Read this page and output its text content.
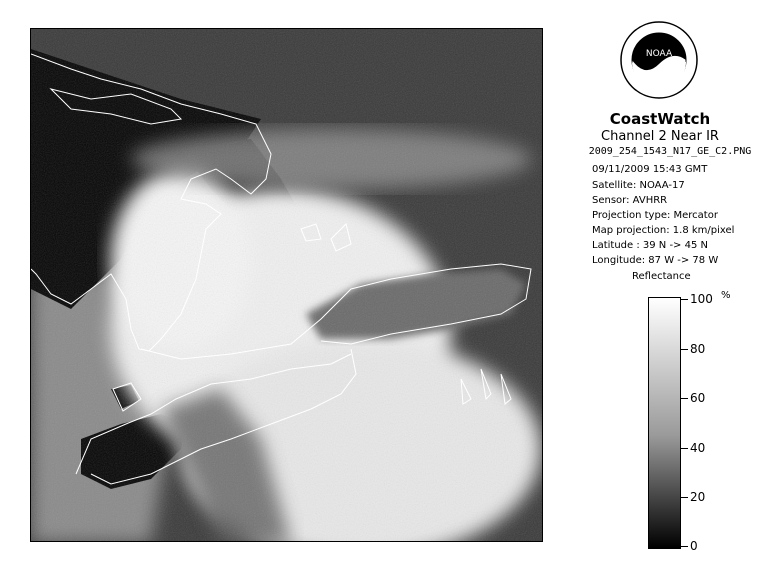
NOAA
CoastWatch
Channel 2 Near IR
2009_254_1543_N17_GE_C2.PNG
09/11/2009 15:43 GMT
Satellite: NOAA-17
Sensor: AVHRR
Projection type: Mercator
Map projection: 1.8 km/pixel
Latitude : 39 N -> 45 N
Longitude: 87 W -> 78 W
Reflectance
%
100
80
60
40
20
0
